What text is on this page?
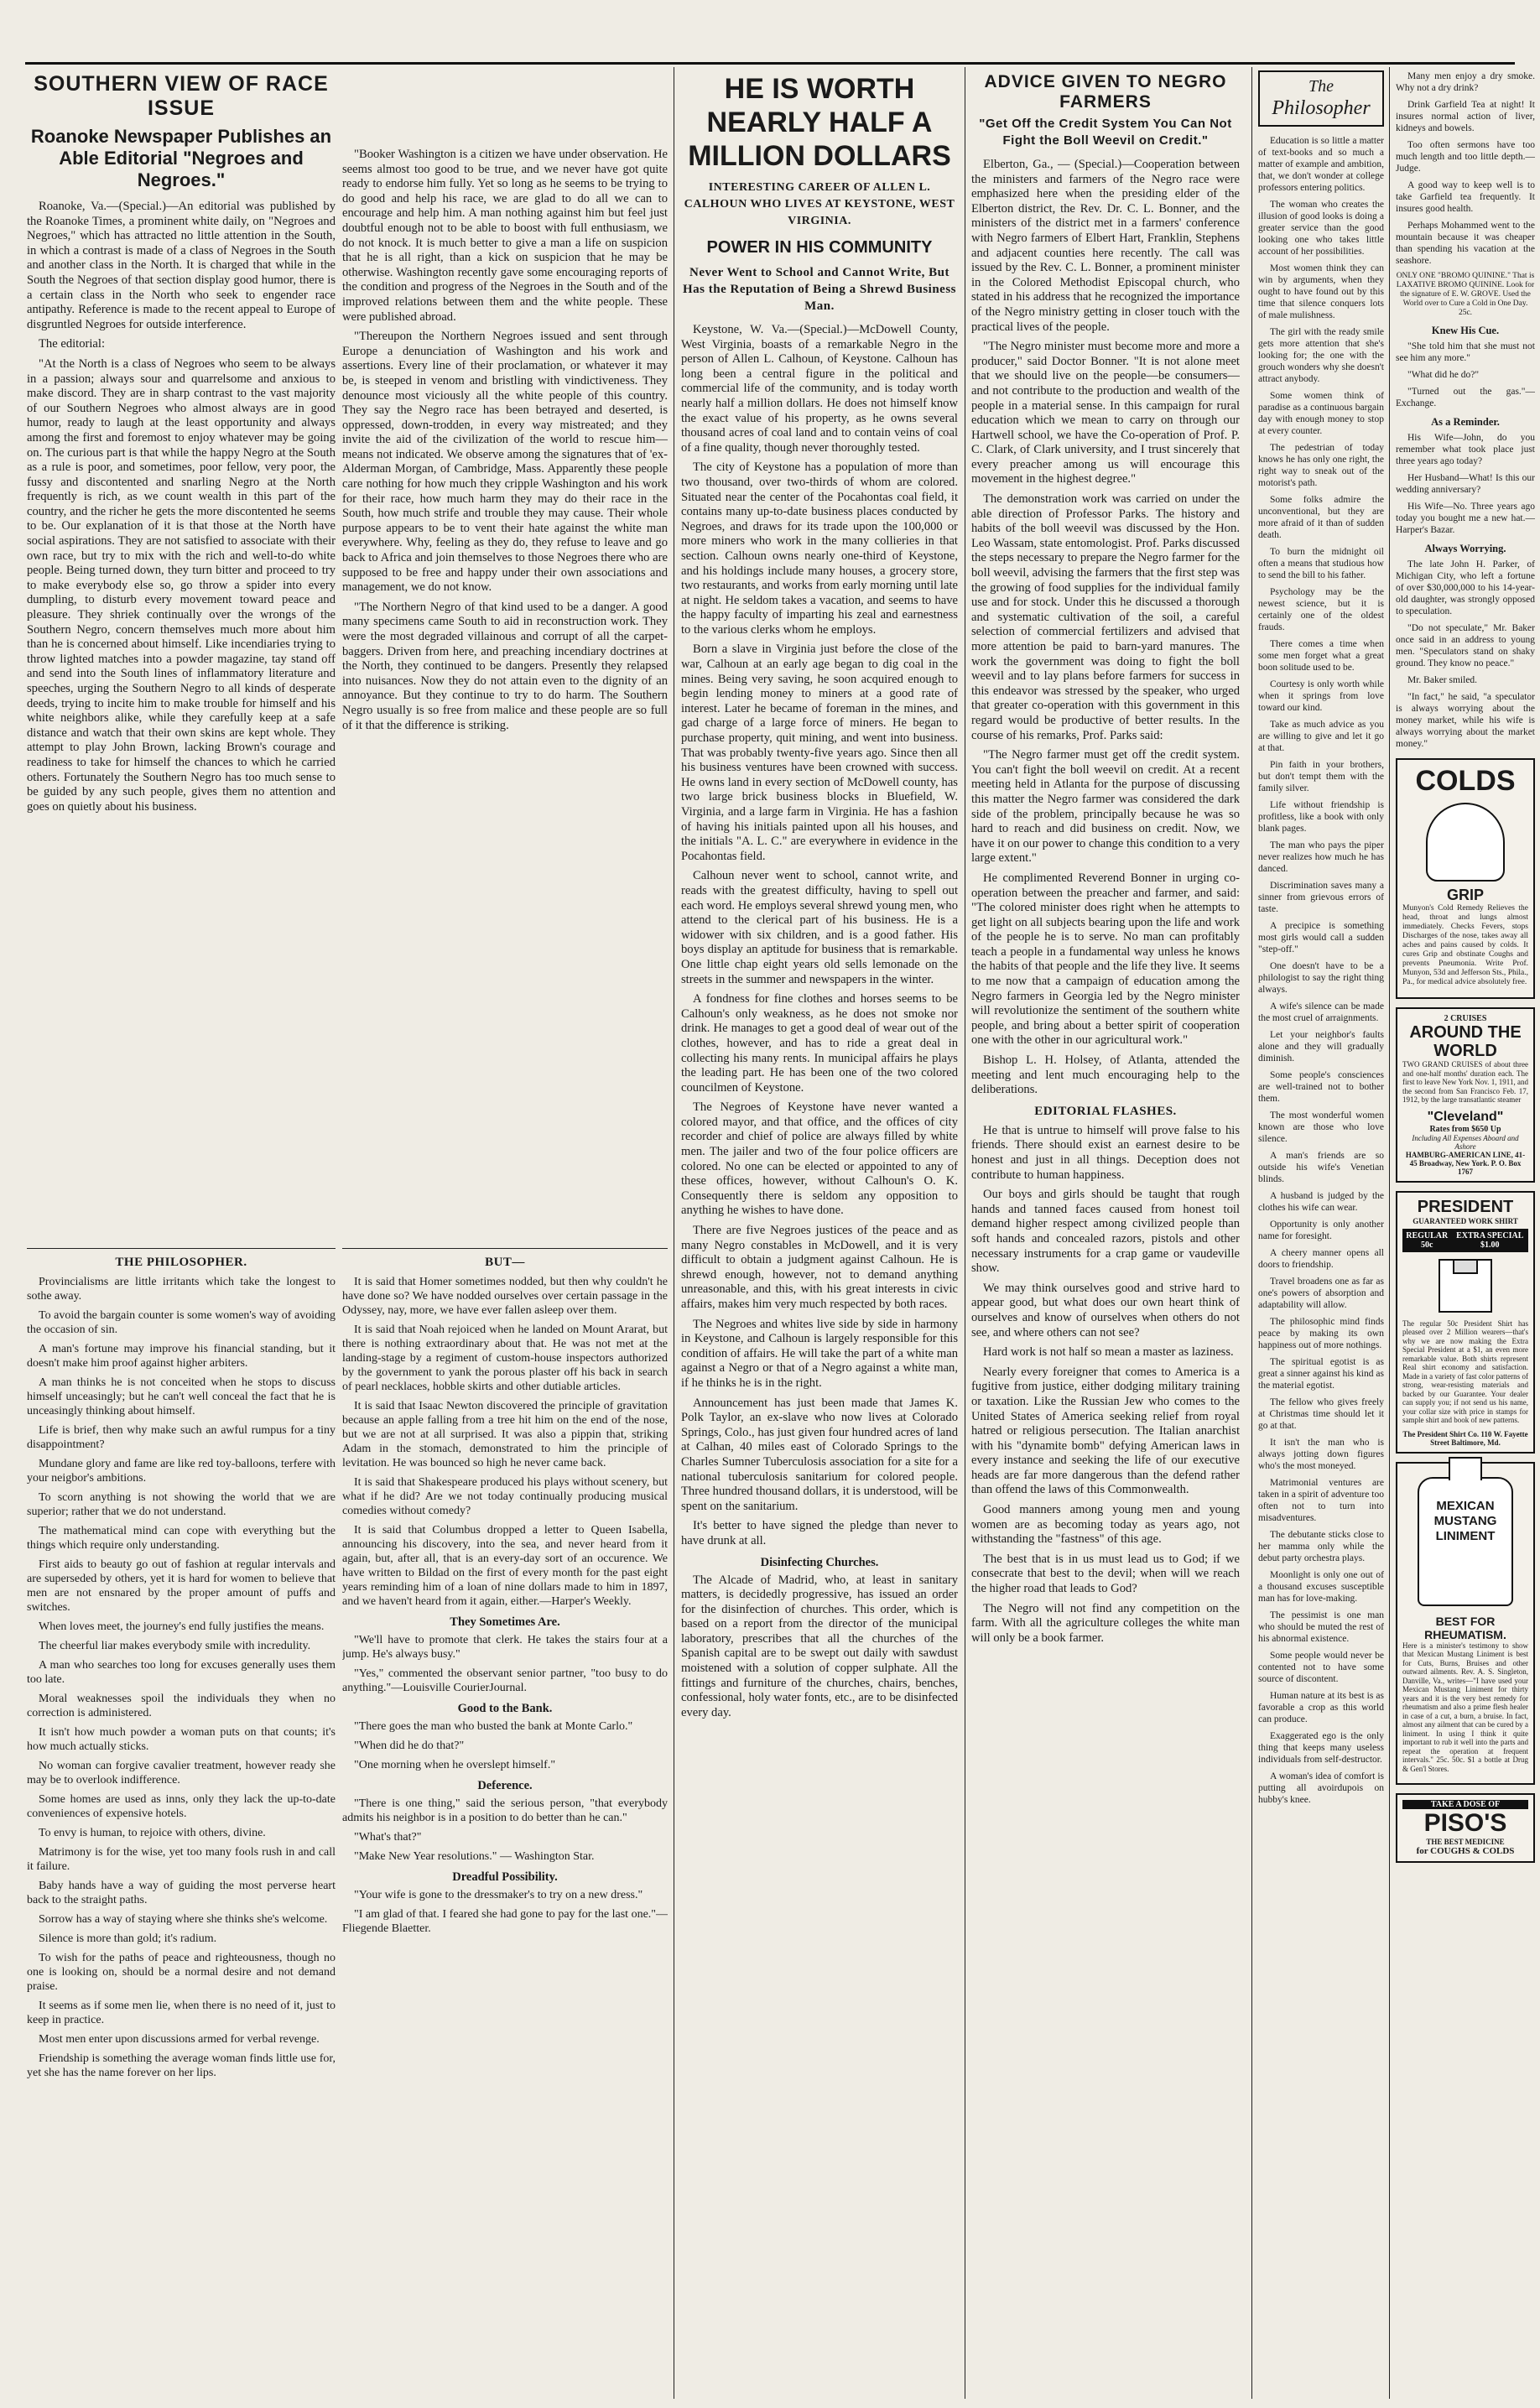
SOUTHERN VIEW OF RACE ISSUE
Roanoke Newspaper Publishes an Able Editorial "Negroes and Negroes."

Roanoke, Va.—(Special.)—An editorial was published by the Roanoke Times, a prominent white daily, on "Negroes and Negroes," which has attracted no little attention in the South, in which a contrast is made of a class of Negroes in the South and another class in the North. It is charged that while in the South the Negroes of that section display good humor, there is a certain class in the North who seek to engender race antipathy. Reference is made to the recent appeal to Europe of disgruntled Negroes for outside interference.

The editorial:

"At the North is a class of Negroes who seem to be always in a passion; always sour and quarrelsome and anxious to make discord. They are in sharp contrast to the vast majority of our Southern Negroes who almost always are in good humor, ready to laugh at the least opportunity and always among the first and foremost to enjoy whatever may be going on. The curious part is that while the happy Negro at the South as a rule is poor, and sometimes, poor fellow, very poor, the fussy and discontented and snarling Negro at the North frequently is rich, as we count wealth in this part of the country, and the richer he gets the more discontented he seems to be. Our explanation of it is that those at the North have social aspirations. They are not satisfied to associate with their own race, but try to mix with the rich and well-to-do white people. Being turned down, they turn bitter and proceed to try to make everybody else so, go throw a spider into every dumpling, to disturb every movement toward peace and pleasure. They shriek continually over the wrongs of the Southern Negro, concern themselves much more about him than he is concerned about himself. Like incendiaries trying to throw lighted matches into a powder magazine, tay stand off and send into the South lines of inflammatory literature and speeches, urging the Southern Negro to all kinds of desperate deeds, trying to incite him to make trouble for himself and his white neighbors alike, while they carefully keep at a safe distance and watch that their own skins are kept whole. They attempt to play John Brown, lacking Brown's courage and readiness to take for himself the chances to which he carried others. Fortunately the Southern Negro has too much sense to be guided by any such people, gives them no attention and goes on quietly about his business.

"Booker Washington is a citizen we have under observation. He seems almost too good to be true, and we never have got quite ready to endorse him fully. Yet so long as he seems to be trying to do good and help his race, we are glad to do all we can to encourage and help him. A man nothing against him but feel just doubtful enough not to be able to boost with full enthusiasm, we do not knock. It is much better to give a man a life on suspicion that he is all right, than a kick on suspicion that he may be otherwise. Washington recently gave some encouraging reports of the condition and progress of the Negroes in the South and of the improved relations between them and the white people. These were published abroad.

"Thereupon the Northern Negroes issued and sent through Europe a denunciation of Washington and his work and assertions. Every line of their proclamation, or whatever it may be, is steeped in venom and bristling with vindictiveness. They denounce most viciously all the white people of this country. They say the Negro race has been betrayed and deserted, is oppressed, down-trodden, in every way mistreated; and they invite the aid of the civilization of the world to rescue him—means not indicated. We observe among the signatures that of 'ex-Alderman Morgan, of Cambridge, Mass. Apparently these people care nothing for how much they cripple Washington and his work for their race, how much harm they may do their race in the South, how much strife and trouble they may cause. Their whole purpose appears to be to vent their hate against the white man everywhere. Why, feeling as they do, they refuse to leave and go back to Africa and join themselves to those Negroes there who are supposed to be free and happy under their own associations and management, we do not know.

"The Northern Negro of that kind used to be a danger. A good many specimens came South to aid in reconstruction work. They were the most degraded villainous and corrupt of all the carpet-baggers. Driven from here, and preaching incendiary doctrines at the North, they continued to be dangers. Presently they relapsed into nuisances. Now they do not attain even to the dignity of an annoyance. But they continue to try to do harm. The Southern Negro usually is so free from malice and these people are so full of it that the difference is striking.

THE PHILOSOPHER.

Provincialisms are little irritants which take the longest to sothe away.

To avoid the bargain counter is some women's way of avoiding the occasion of sin.

A man's fortune may improve his financial standing, but it doesn't make him proof against higher arbiters.

A man thinks he is not conceited when he stops to discuss himself unceasingly; but he can't well conceal the fact that he is unceasingly thinking about himself.

Life is brief, then why make such an awful rumpus for a tiny disappointment?

Mundane glory and fame are like red toy-balloons, terfere with your neigbor's ambitions.

To scorn anything is not showing the world that we are superior; rather that we do not understand.

The mathematical mind can cope with everything but the things which require only understanding.

First aids to beauty go out of fashion at regular intervals and are superseded by others, yet it is hard for women to believe that men are not ensnared by the proper amount of puffs and switches.

When loves meet, the journey's end fully justifies the means.

The cheerful liar makes everybody smile with incredulity.

A man who searches too long for excuses generally uses them too late.

Moral weaknesses spoil the individuals they when no correction is administered.

It isn't how much powder a woman puts on that counts; it's how much actually sticks.

No woman can forgive cavalier treatment, however ready she may be to overlook indifference.

Some homes are used as inns, only they lack the up-to-date conveniences of expensive hotels.

To envy is human, to rejoice with others, divine.

Matrimony is for the wise, yet too many fools rush in and call it failure.

Baby hands have a way of guiding the most perverse heart back to the straight paths.

Sorrow has a way of staying where she thinks she's welcome.

Silence is more than gold; it's radium.

To wish for the paths of peace and righteousness, though no one is looking on, should be a normal desire and not demand praise.

It seems as if some men lie, when there is no need of it, just to keep in practice.

Most men enter upon discussions armed for verbal revenge.

Friendship is something the average woman finds little use for, yet she has the name forever on her lips.

BUT—

It is said that Homer sometimes nodded, but then why couldn't he have done so? We have nodded ourselves over certain passage in the Odyssey, nay, more, we have ever fallen asleep over them.

It is said that Noah rejoiced when he landed on Mount Ararat, but there is nothing extraordinary about that. He was not met at the landing-stage by a regiment of custom-house inspectors authorized by the government to yank the porous plaster off his back in search of pearl necklaces, hobble skirts and other dutiable articles.

It is said that Isaac Newton discovered the principle of gravitation because an apple falling from a tree hit him on the end of the nose, but we are not at all surprised. It was also a pippin that, striking Adam in the stomach, demonstrated to him the principle of levitation. He was bounced so high he never came back.

It is said that Shakespeare produced his plays without scenery, but what if he did? Are we not today continually producing musical comedies without comedy?

It is said that Columbus dropped a letter to Queen Isabella, announcing his discovery, into the sea, and never heard from it again, but, after all, that is an every-day sort of an occurence. We have written to Bildad on the first of every month for the past eight years reminding him of a loan of nine dollars made to him in 1897, and we haven't heard from it again, either.—Harper's Weekly.

They Sometimes Are.

"We'll have to promote that clerk. He takes the stairs four at a jump. He's always busy."

"Yes," commented the observant senior partner, "too busy to do anything."—Louisville CourierJournal.

Good to the Bank.

"There goes the man who busted the bank at Monte Carlo."

"When did he do that?"

"One morning when he overslept himself."

Deference.

"There is one thing," said the serious person, "that everybody admits his neighbor is in a position to do better than he can."

"What's that?"

"Make New Year resolutions." — Washington Star.

Dreadful Possibility.

"Your wife is gone to the dressmaker's to try on a new dress."

"I am glad of that. I feared she had gone to pay for the last one."—Fliegende Blaetter.

HE IS WORTH NEARLY HALF A MILLION DOLLARS
INTERESTING CAREER OF ALLEN L. CALHOUN WHO LIVES AT KEYSTONE, WEST VIRGINIA.
POWER IN HIS COMMUNITY
Never Went to School and Cannot Write, But Has the Reputation of Being a Shrewd Business Man.

Keystone, W. Va.—(Special.)—McDowell County, West Virginia, boasts of a remarkable Negro in the person of Allen L. Calhoun, of Keystone. Calhoun has long been a central figure in the political and commercial life of the community, and is today worth nearly half a million dollars. He does not himself know the exact value of his property, as he owns several thousand acres of coal land and to contain veins of coal of a fine quality, though never thoroughly tested.

The city of Keystone has a population of more than two thousand, over two-thirds of whom are colored. Situated near the center of the Pocahontas coal field, it contains many up-to-date business places conducted by Negroes, and draws for its trade upon the 100,000 or more miners who work in the many collieries in that section. Calhoun owns nearly one-third of Keystone, and his holdings include many houses, a grocery store, two restaurants, and works from early morning until late at night. He seldom takes a vacation, and seems to have the happy faculty of imparting his zeal and earnestness to the various clerks whom he employs.

Born a slave in Virginia just before the close of the war, Calhoun at an early age began to dig coal in the mines. Being very saving, he soon acquired enough to begin lending money to miners at a good rate of interest. Later he became of foreman in the mines, and gad charge of a large force of miners. He began to purchase property, quit mining, and went into business. That was probably twenty-five years ago. Since then all his business ventures have been crowned with success. He owns land in every section of McDowell county, has two large brick business blocks in Bluefield, W. Virginia, and a large farm in Virginia. He has a fashion of having his initials painted upon all his houses, and the initials "A. L. C." are everywhere in evidence in the Pocahontas field.

Calhoun never went to school, cannot write, and reads with the greatest difficulty, having to spell out each word. He employs several shrewd young men, who attend to the clerical part of his business. He is a widower with six children, and is a good father. His boys display an aptitude for business that is remarkable. One little chap eight years old sells lemonade on the streets in the summer and newspapers in the winter.

A fondness for fine clothes and horses seems to be Calhoun's only weakness, as he does not smoke nor drink. He manages to get a good deal of wear out of the clothes, however, and has to ride a great deal in collecting his many rents. In municipal affairs he plays the leading part. He has been one of the two colored councilmen of Keystone.

The Negroes of Keystone have never wanted a colored mayor, and that office, and the offices of city recorder and chief of police are always filled by white men. The jailer and two of the four police officers are colored. No one can be elected or appointed to any of these offices, however, without Calhoun's O. K. Consequently there is seldom any opposition to anything he wishes to have done.

There are five Negroes justices of the peace and as many Negro constables in McDowell, and it is very difficult to obtain a judgment against Calhoun. He is shrewd enough, however, not to demand anything unreasonable, and this, with his great interests in civic affairs, makes him very much respected by both races.

The Negroes and whites live side by side in harmony in Keystone, and Calhoun is largely responsible for this condition of affairs. He will take the part of a white man against a Negro or that of a Negro against a white man, if he thinks he is in the right.

Announcement has just been made that James K. Polk Taylor, an ex-slave who now lives at Colorado Springs, Colo., has just given four hundred acres of land at Calhan, 40 miles east of Colorado Springs to the Charles Sumner Tuberculosis association for a site for a national tuberculosis sanitarium for colored people. Three hundred thousand dollars, it is understood, will be spent on the sanitarium.

It's better to have signed the pledge than never to have drunk at all.

Disinfecting Churches.

The Alcade of Madrid, who, at least in sanitary matters, is decidedly progressive, has issued an order for the disinfection of churches. This order, which is based on a report from the director of the municipal laboratory, prescribes that all the churches of the Spanish capital are to be swept out daily with sawdust moistened with a solution of copper sulphate. All the fittings and furniture of the churches, chairs, benches, confessional, holy water fonts, etc., are to be disinfected every day.

ADVICE GIVEN TO NEGRO FARMERS
"Get Off the Credit System You Can Not Fight the Boll Weevil on Credit."

Elberton, Ga., — (Special.)—Cooperation between the ministers and farmers of the Negro race were emphasized here when the presiding elder of the Elberton district, the Rev. Dr. C. L. Bonner, and the ministers of the district met in a farmers' conference with Negro farmers of Elbert Hart, Franklin, Stephens and adjacent counties here recently. The call was issued by the Rev. C. L. Bonner, a prominent minister in the Colored Methodist Episcopal church, who stated in his address that he recognized the importance of the Negro ministry getting in closer touch with the practical lives of the people.

"The Negro minister must become more and more a producer," said Doctor Bonner. "It is not alone meet that we should live on the people—be consumers—and not contribute to the production and wealth of the people in a material sense. In this campaign for rural education which we mean to carry on through our Hartwell school, we have the Co-operation of Prof. P. C. Clark, of Clark university, and I trust sincerely that every preacher among us will encourage this movement in the highest degree."

The demonstration work was carried on under the able direction of Professor Parks. The history and habits of the boll weevil was discussed by the Hon. Leo Wassam, state entomologist. Prof. Parks discussed the steps necessary to prepare the Negro farmer for the boll weevil, advising the farmers that the first step was the growing of food supplies for the individual family use and for stock. Under this he discussed a thorough and systematic cultivation of the soil, a careful selection of commercial fertilizers and advised that more attention be paid to barn-yard manures. The work the government was doing to fight the boll weevil and to lay plans before farmers for success in this endeavor was stressed by the speaker, who urged that greater co-operation with this government in this regard would be productive of better results. In the course of his remarks, Prof. Parks said:

"The Negro farmer must get off the credit system. You can't fight the boll weevil on credit. At a recent meeting held in Atlanta for the purpose of discussing this matter the Negro farmer was considered the dark side of the problem, principally because he was so hard to reach and did business on credit. Now, we have it on our power to change this condition to a very large extent."

He complimented Reverend Bonner in urging co-operation between the preacher and farmer, and said: "The colored minister does right when he attempts to get light on all subjects bearing upon the life and work of the people he is to serve. No man can profitably teach a people in a fundamental way unless he knows the habits of that people and the life they live. It seems to me now that a campaign of education among the Negro farmers in Georgia led by the Negro minister will revolutionize the sentiment of the southern white people, and bring about a better spirit of cooperation one with the other in our agricultural work."

Bishop L. H. Holsey, of Atlanta, attended the meeting and lent much encouraging help to the deliberations.

EDITORIAL FLASHES.

He that is untrue to himself will prove false to his friends. There should exist an earnest desire to be honest and just in all things. Deception does not contribute to human happiness.

Our boys and girls should be taught that rough hands and tanned faces caused from honest toil demand higher respect among civilized people than soft hands and concealed razors, pistols and other necessary instruments for a crap game or vaudeville show.

We may think ourselves good and strive hard to appear good, but what does our own heart think of ourselves and know of ourselves when others do not see, and where others can not see?

Hard work is not half so mean a master as laziness.

Nearly every foreigner that comes to America is a fugitive from justice, either dodging military training or taxation. Like the Russian Jew who comes to the United States of America seeking relief from royal hatred or religious persecution. The Italian anarchist with his "dynamite bomb" defying American laws in every instance and seeking the life of our executive heads are far more dangerous than the defend rather than offend the laws of this Commonwealth.

Good manners among young men and young women are as becoming today as years ago, not withstanding the "fastness" of this age.

The best that is in us must lead us to God; if we consecrate that best to the devil; when will we reach the higher road that leads to God?

The Negro will not find any competition on the farm. With all the agriculture colleges the white man will only be a book farmer.

The
Philosopher

Education is so little a matter of text-books and so much a matter of example and ambition, that, we don't wonder at college professors entering politics.

The woman who creates the illusion of good looks is doing a greater service than the good looking one who takes little account of her possibilities.

Most women think they can win by arguments, when they ought to have found out by this time that silence conquers lots of male mulishness.

The girl with the ready smile gets more attention that she's looking for; the one with the grouch wonders why she doesn't attract anybody.

Some women think of paradise as a continuous bargain day with enough money to stop at every counter.

The pedestrian of today knows he has only one right, the right way to sneak out of the motorist's path.

Some folks admire the unconventional, but they are more afraid of it than of sudden death.

To burn the midnight oil often a means that studious how to send the bill to his father.

Psychology may be the newest science, but it is certainly one of the oldest frauds.

There comes a time when some men forget what a great boon solitude used to be.

Courtesy is only worth while when it springs from love toward our kind.

Take as much advice as you are willing to give and let it go at that.

Pin faith in your brothers, but don't tempt them with the family silver.

Life without friendship is profitless, like a book with only blank pages.

The man who pays the piper never realizes how much he has danced.

Discrimination saves many a sinner from grievous errors of taste.

A precipice is something most girls would call a sudden "step-off."

One doesn't have to be a philologist to say the right thing always.

A wife's silence can be made the most cruel of arraignments.

Let your neighbor's faults alone and they will gradually diminish.

Some people's consciences are well-trained not to bother them.

The most wonderful women known are those who love silence.

A man's friends are so outside his wife's Venetian blinds.

A husband is judged by the clothes his wife can wear.

Opportunity is only another name for foresight.

A cheery manner opens all doors to friendship.

Travel broadens one as far as one's powers of absorption and adaptability will allow.

The philosophic mind finds peace by making its own happiness out of more nothings.

The spiritual egotist is as great a sinner against his kind as the material egotist.

The fellow who gives freely at Christmas time should let it go at that.

It isn't the man who is always jotting down figures who's the most moneyed.

Matrimonial ventures are taken in a spirit of adventure too often not to turn into misadventures.

The debutante sticks close to her mamma only while the debut party orchestra plays.

Moonlight is only one out of a thousand excuses susceptible man has for love-making.

The pessimist is one man who should be muted the rest of his abnormal existence.

Some people would never be contented not to have some source of discontent.

Human nature at its best is as favorable a crop as this world can produce.

Exaggerated ego is the only thing that keeps many useless individuals from self-destructor.

A woman's idea of comfort is putting all avoirdupois on hubby's knee.

Many men enjoy a dry smoke. Why not a dry drink?

Drink Garfield Tea at night! It insures normal action of liver, kidneys and bowels.

Too often sermons have too much length and too little depth.—Judge.

A good way to keep well is to take Garfield tea frequently. It insures good health.

Perhaps Mohammed went to the mountain because it was cheaper than spending his vacation at the seashore.

ONLY ONE "BROMO QUININE." That is LAXATIVE BROMO QUININE. Look for the signature of E. W. GROVE. Used the World over to Cure a Cold in One Day. 25c.

Knew His Cue.

"She told him that she must not see him any more."

"What did he do?"

"Turned out the gas."—Exchange.

As a Reminder.

His Wife—John, do you remember what took place just three years ago today?

Her Husband—What! Is this our wedding anniversary?

His Wife—No. Three years ago today you bought me a new hat.—Harper's Bazar.

Always Worrying.

The late John H. Parker, of Michigan City, who left a fortune of over $30,000,000 to his 14-year-old daughter, was strongly opposed to speculation.

"Do not speculate," Mr. Baker once said in an address to young men. "Speculators stand on shaky ground. They know no peace."

Mr. Baker smiled.

"In fact," he said, "a speculator is always worrying about the money market, while his wife is always worrying about the market money."

COLDS
GRIP

Munyon's Cold Remedy Relieves the head, throat and lungs almost immediately. Checks Fevers, stops Discharges of the nose, takes away all aches and pains caused by colds. It cures Grip and obstinate Coughs and prevents Pneumonia. Write Prof. Munyon, 53d and Jefferson Sts., Phila., Pa., for medical advice absolutely free.

2 CRUISES
AROUND THE WORLD

TWO GRAND CRUISES of about three and one-half months' duration each. The first to leave New York Nov. 1, 1911, and the second from San Francisco Feb. 17, 1912, by the large transatlantic steamer

"Cleveland"
Rates from $650 Up
Including All Expenses Aboard and Ashore
HAMBURG-AMERICAN LINE, 41-45 Broadway, New York. P. O. Box 1767
PRESIDENT
GUARANTEED WORK SHIRT
REGULAR 50c
EXTRA SPECIAL $1.00

The regular 50c President Shirt has pleased over 2 Million wearers—that's why we are now making the Extra Special President at a $1, an even more remarkable value. Both shirts represent Real shirt economy and satisfaction. Made in a variety of fast color patterns of strong, wear-resisting materials and backed by our Guarantee. Your dealer can supply you; if not send us his name, your collar size with price in stamps for sample shirt and book of new patterns.

The President Shirt Co. 110 W. Fayette Street Baltimore, Md.
MEXICAN MUSTANG LINIMENT
BEST FOR RHEUMATISM.

Here is a minister's testimony to show that Mexican Mustang Liniment is best for Cuts, Burns, Bruises and other outward ailments. Rev. A. S. Singleton, Danville, Va., writes—"I have used your Mexican Mustang Liniment for thirty years and it is the very best remedy for rheumatism and also a prime flesh healer in case of a cut, a burn, a bruise. In fact, almost any ailment that can be cured by a liniment. In using I think it quite important to rub it well into the parts and repeat the operation at frequent intervals." 25c. 50c. $1 a bottle at Drug & Gen'l Stores.

TAKE A DOSE OF
PISO'S
THE BEST MEDICINE
for COUGHS & COLDS
